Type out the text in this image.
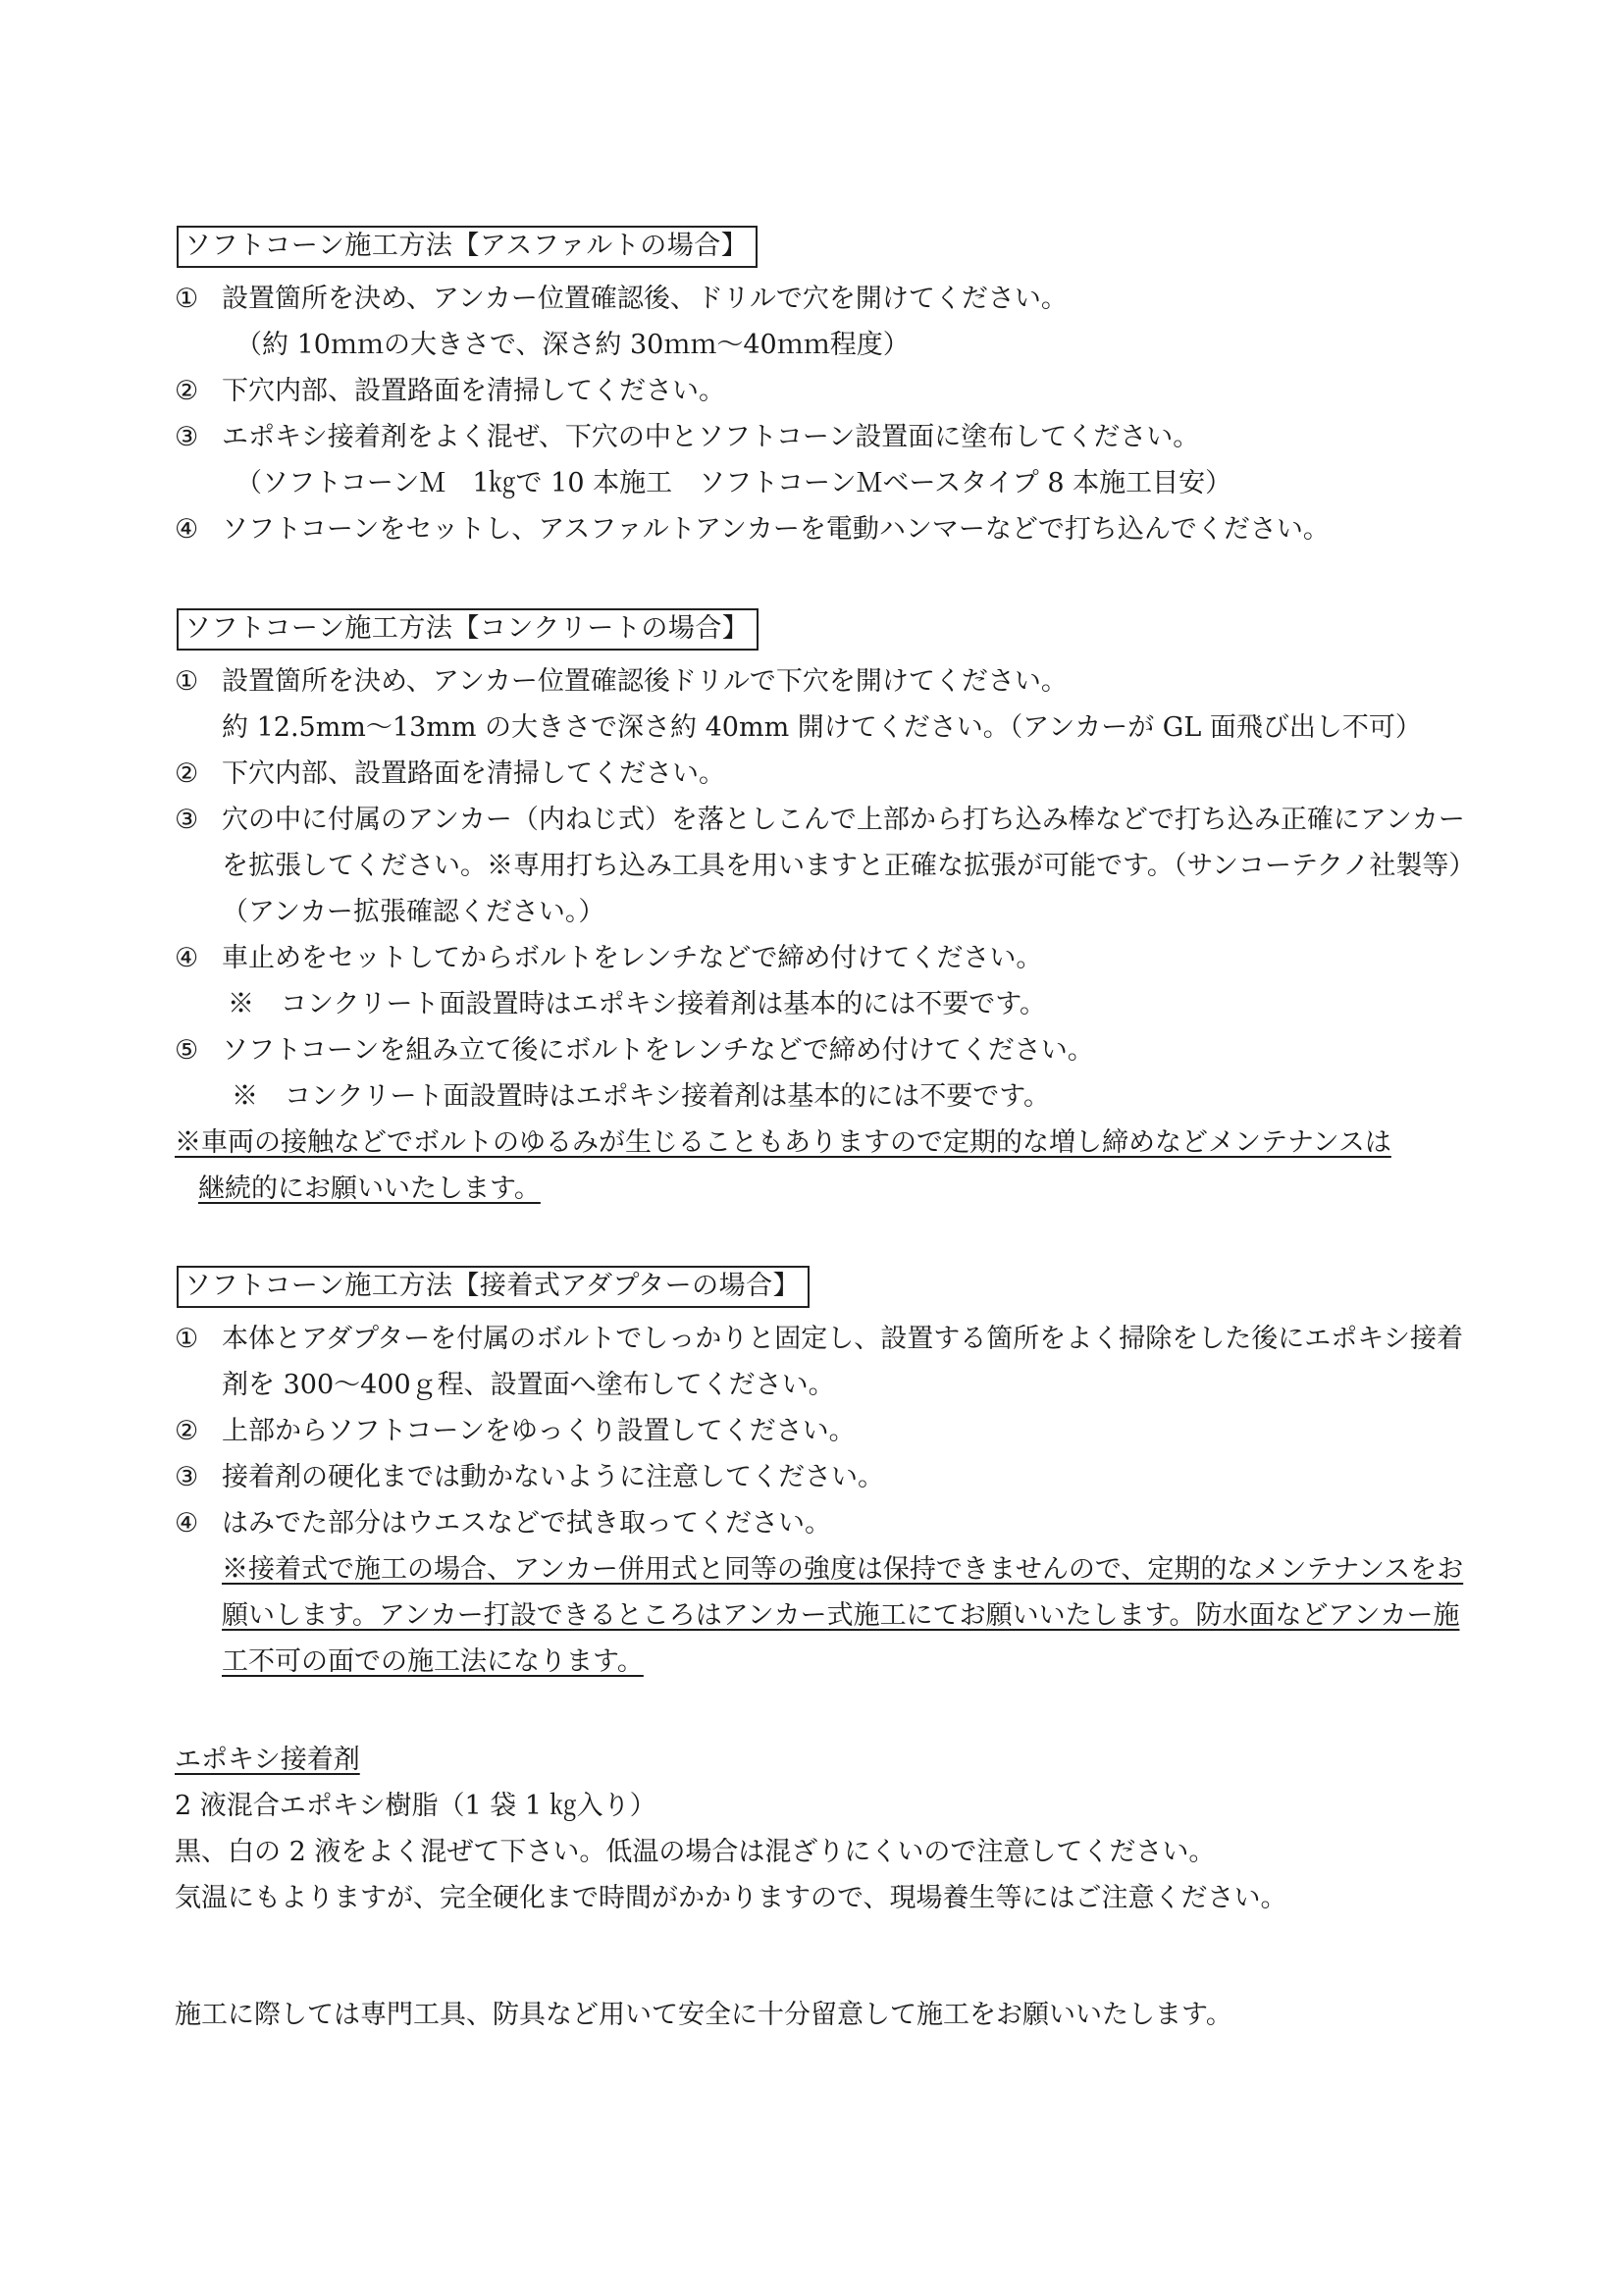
ソフトコーン施工方法【アスファルトの場合】
① 設置箇所を決め、アンカー位置確認後、ドリルで穴を開けてください。
（約 10ｍｍの大きさで、深さ約 30ｍｍ～40ｍｍ程度）
② 下穴内部、設置路面を清掃してください。
③ エポキシ接着剤をよく混ぜ、下穴の中とソフトコーン設置面に塗布してください。
（ソフトコーンＭ　1㎏で 10 本施工　ソフトコーンＭベースタイプ 8 本施工目安）
④ ソフトコーンをセットし、アスファルトアンカーを電動ハンマーなどで打ち込んでください。
ソフトコーン施工方法【コンクリートの場合】
① 設置箇所を決め、アンカー位置確認後ドリルで下穴を開けてください。
約 12.5mm～13mm の大きさで深さ約 40mm 開けてください。（アンカーが GL 面飛び出し不可）
② 下穴内部、設置路面を清掃してください。
③ 穴の中に付属のアンカー（内ねじ式）を落としこんで上部から打ち込み棒などで打ち込み正確にアンカーを拡張してください。※専用打ち込み工具を用いますと正確な拡張が可能です。（サンコーテクノ社製等）（アンカー拡張確認ください。）
④ 車止めをセットしてからボルトをレンチなどで締め付けてください。
※　コンクリート面設置時はエポキシ接着剤は基本的には不要です。
⑤ ソフトコーンを組み立て後にボルトをレンチなどで締め付けてください。
※　コンクリート面設置時はエポキシ接着剤は基本的には不要です。
※車両の接触などでボルトのゆるみが生じることもありますので定期的な増し締めなどメンテナンスは
継続的にお願いいたします。
ソフトコーン施工方法【接着式アダプターの場合】
① 本体とアダプターを付属のボルトでしっかりと固定し、設置する箇所をよく掃除をした後にエポキシ接着剤を 300～400ｇ程、設置面へ塗布してください。
② 上部からソフトコーンをゆっくり設置してください。
③ 接着剤の硬化までは動かないように注意してください。
④ はみでた部分はウエスなどで拭き取ってください。
※接着式で施工の場合、アンカー併用式と同等の強度は保持できませんので、定期的なメンテナンスをお願いします。アンカー打設できるところはアンカー式施工にてお願いいたします。防水面などアンカー施工不可の面での施工法になります。
エポキシ接着剤
2 液混合エポキシ樹脂（1 袋 1 ㎏入り）
黒、白の 2 液をよく混ぜて下さい。低温の場合は混ざりにくいので注意してください。
気温にもよりますが、完全硬化まで時間がかかりますので、現場養生等にはご注意ください。
施工に際しては専門工具、防具など用いて安全に十分留意して施工をお願いいたします。
